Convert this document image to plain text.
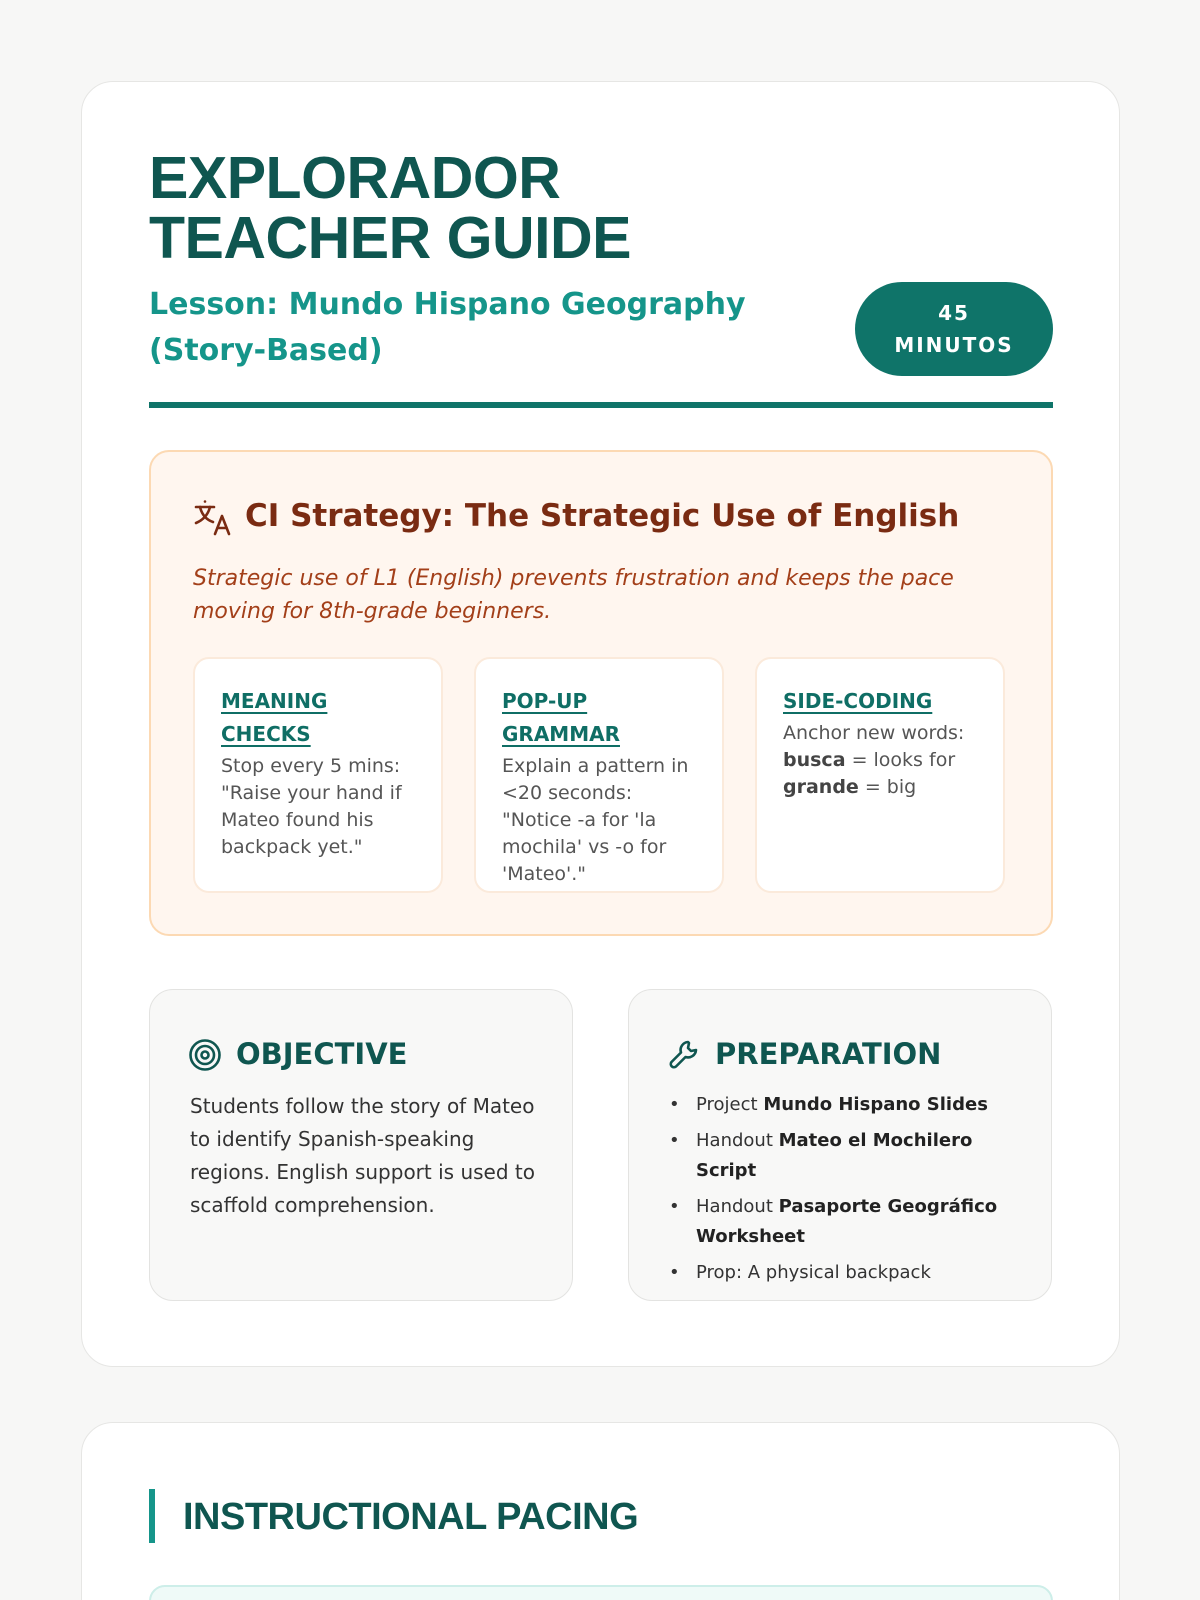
EXPLORADOR
TEACHER GUIDE
Lesson: Mundo Hispano Geography (Story-Based)
45
MINUTOS
CI Strategy: The Strategic Use of English
Strategic use of L1 (English) prevents frustration and keeps the pace moving for 8th-grade beginners.
MEANING CHECKS
Stop every 5 mins: "Raise your hand if Mateo found his backpack yet."
POP-UP GRAMMAR
Explain a pattern in <20 seconds: "Notice -a for 'la mochila' vs -o for 'Mateo'."
SIDE-CODING
Anchor new words:
busca = looks for
grande = big
OBJECTIVE
Students follow the story of Mateo to identify Spanish-speaking regions. English support is used to scaffold comprehension.
PREPARATION
• Project Mundo Hispano Slides
• Handout Mateo el Mochilero Script
• Handout Pasaporte Geográfico Worksheet
• Prop: A physical backpack
INSTRUCTIONAL PACING
